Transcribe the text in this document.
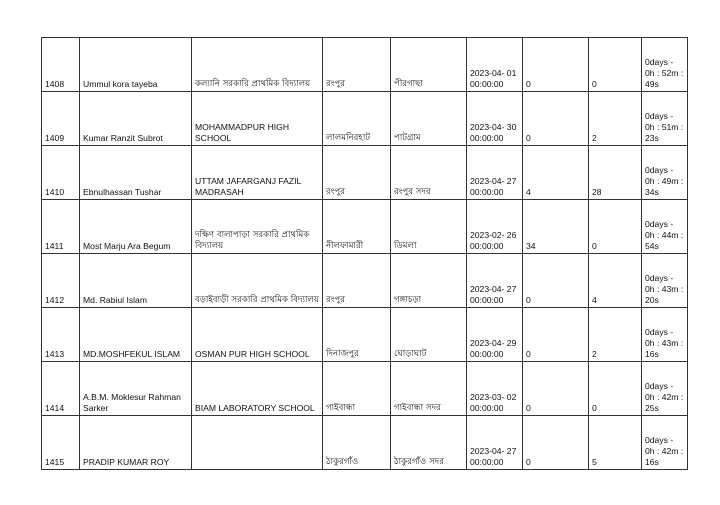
1408	Ummul kora tayeba	কল্যানি সরকারি প্রাথমিক বিদ্যালয়	রংপুর	পীরগাছা	2023-04- 01 00:00:00	0	0	0days - 0h : 52m : 49s
1409	Kumar Ranzit Subrot	MOHAMMADPUR HIGH SCHOOL	লালমনিরহাট	পাটগ্রাম	2023-04- 30 00:00:00	0	2	0days - 0h : 51m : 23s
1410	Ebnulhassan Tushar	UTTAM JAFARGANJ FAZIL MADRASAH	রংপুর	রংপুর সদর	2023-04- 27 00:00:00	4	28	0days - 0h : 49m : 34s
1411	Most Marju Ara Begum	দক্ষিণ বালাপাড়া সরকারি প্রাথমিক বিদ্যালয়	নীলফামারী	ডিমলা	2023-02- 26 00:00:00	34	0	0days - 0h : 44m : 54s
1412	Md. Rabiul Islam	বড়াইবাড়ী সরকারি প্রাথমিক বিদ্যালয়	রংপুর	গঙ্গাচড়া	2023-04- 27 00:00:00	0	4	0days - 0h : 43m : 20s
1413	MD.MOSHFEKUL ISLAM	OSMAN PUR HIGH SCHOOL	দিনাজপুর	ঘোড়াঘাট	2023-04- 29 00:00:00	0	2	0days - 0h : 43m : 16s
1414	A.B.M. Moklesur Rahman Sarker	BIAM LABORATORY SCHOOL	গাইবান্ধা	গাইবান্ধা সদর	2023-03- 02 00:00:00	0	0	0days - 0h : 42m : 25s
1415	PRADIP KUMAR ROY		ঠাকুরগাঁও	ঠাকুরগাঁও সদর	2023-04- 27 00:00:00	0	5	0days - 0h : 42m : 16s
